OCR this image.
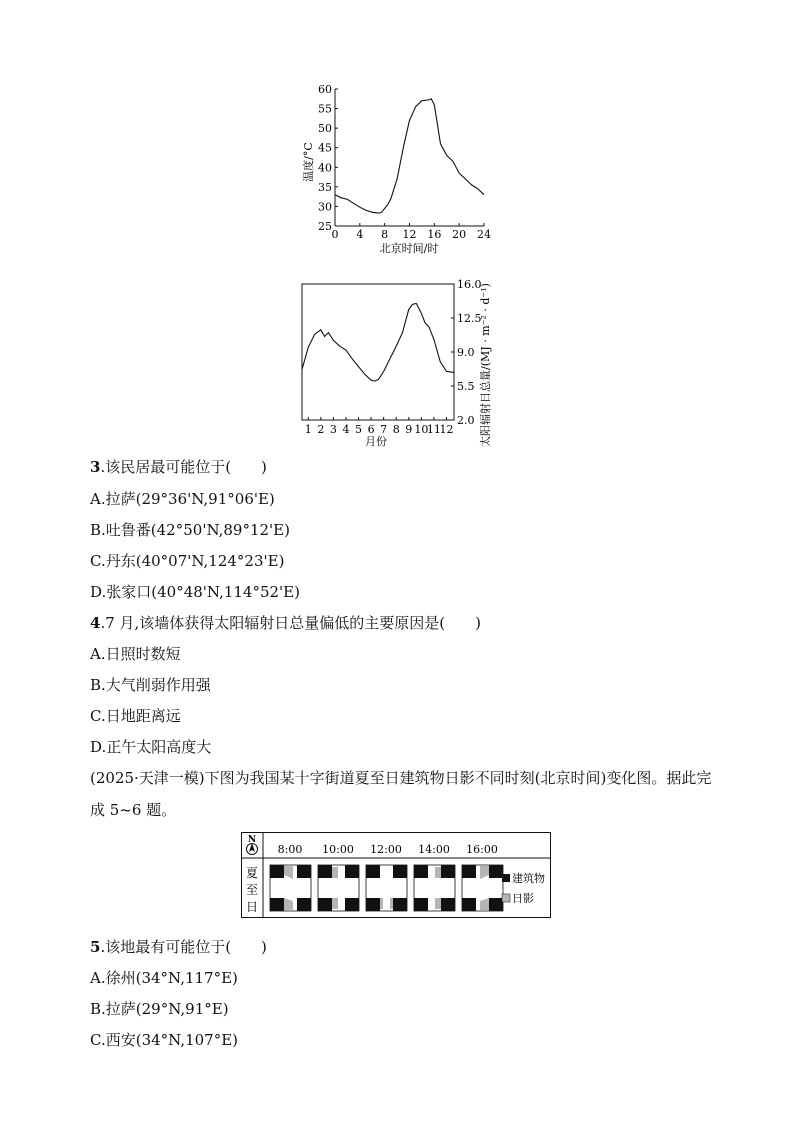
25
30
35
40
45
50
55
60
0 4 8 12 16 20 24
温度/°C
北京时间/时
2.0
5.5
9.0
12.5
16.0
1 2 3 4 5 6 7 8 9 10
11
12
月份	太阳辐射日总量/(MJ · m⁻² · d⁻¹)
3.该民居最可能位于(　　)
A.拉萨(29°36'N,91°06'E)
B.吐鲁番(42°50'N,89°12'E)
C.丹东(40°07'N,124°23'E)
D.张家口(40°48'N,114°52'E)
4.7 月,该墙体获得太阳辐射日总量偏低的主要原因是(　　)
A.日照时数短
B.大气削弱作用强
C.日地距离远
D.正午太阳高度大
(2025·天津一模)下图为我国某十字街道夏至日建筑物日影不同时刻(北京时间)变化图。据此完成 5~6 题。
N
夏
至
日
8:00 10:00 12:00 14:00 16:00
建筑物
日影
5.该地最有可能位于(　　)
A.徐州(34°N,117°E)
B.拉萨(29°N,91°E)
C.西安(34°N,107°E)
